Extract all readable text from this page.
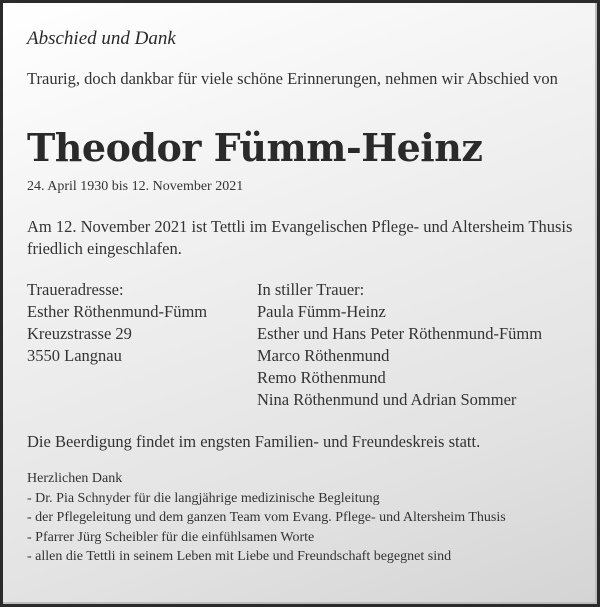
Abschied und Dank
Traurig, doch dankbar für viele schöne Erinnerungen, nehmen wir Abschied von
Theodor Fümm-Heinz
24. April 1930 bis 12. November 2021
Am 12. November 2021 ist Tettli im Evangelischen Pflege- und Altersheim Thusis friedlich eingeschlafen.
Traueradresse:
Esther Röthenmund-Fümm
Kreuzstrasse 29
3550 Langnau
In stiller Trauer:
Paula Fümm-Heinz
Esther und Hans Peter Röthenmund-Fümm
Marco Röthenmund
Remo Röthenmund
Nina Röthenmund und Adrian Sommer
Die Beerdigung findet im engsten Familien- und Freundeskreis statt.
Herzlichen Dank
- Dr. Pia Schnyder für die langjährige medizinische Begleitung
- der Pflegeleitung und dem ganzen Team vom Evang. Pflege- und Altersheim Thusis
- Pfarrer Jürg Scheibler für die einfühlsamen Worte
- allen die Tettli in seinem Leben mit Liebe und Freundschaft begegnet sind
